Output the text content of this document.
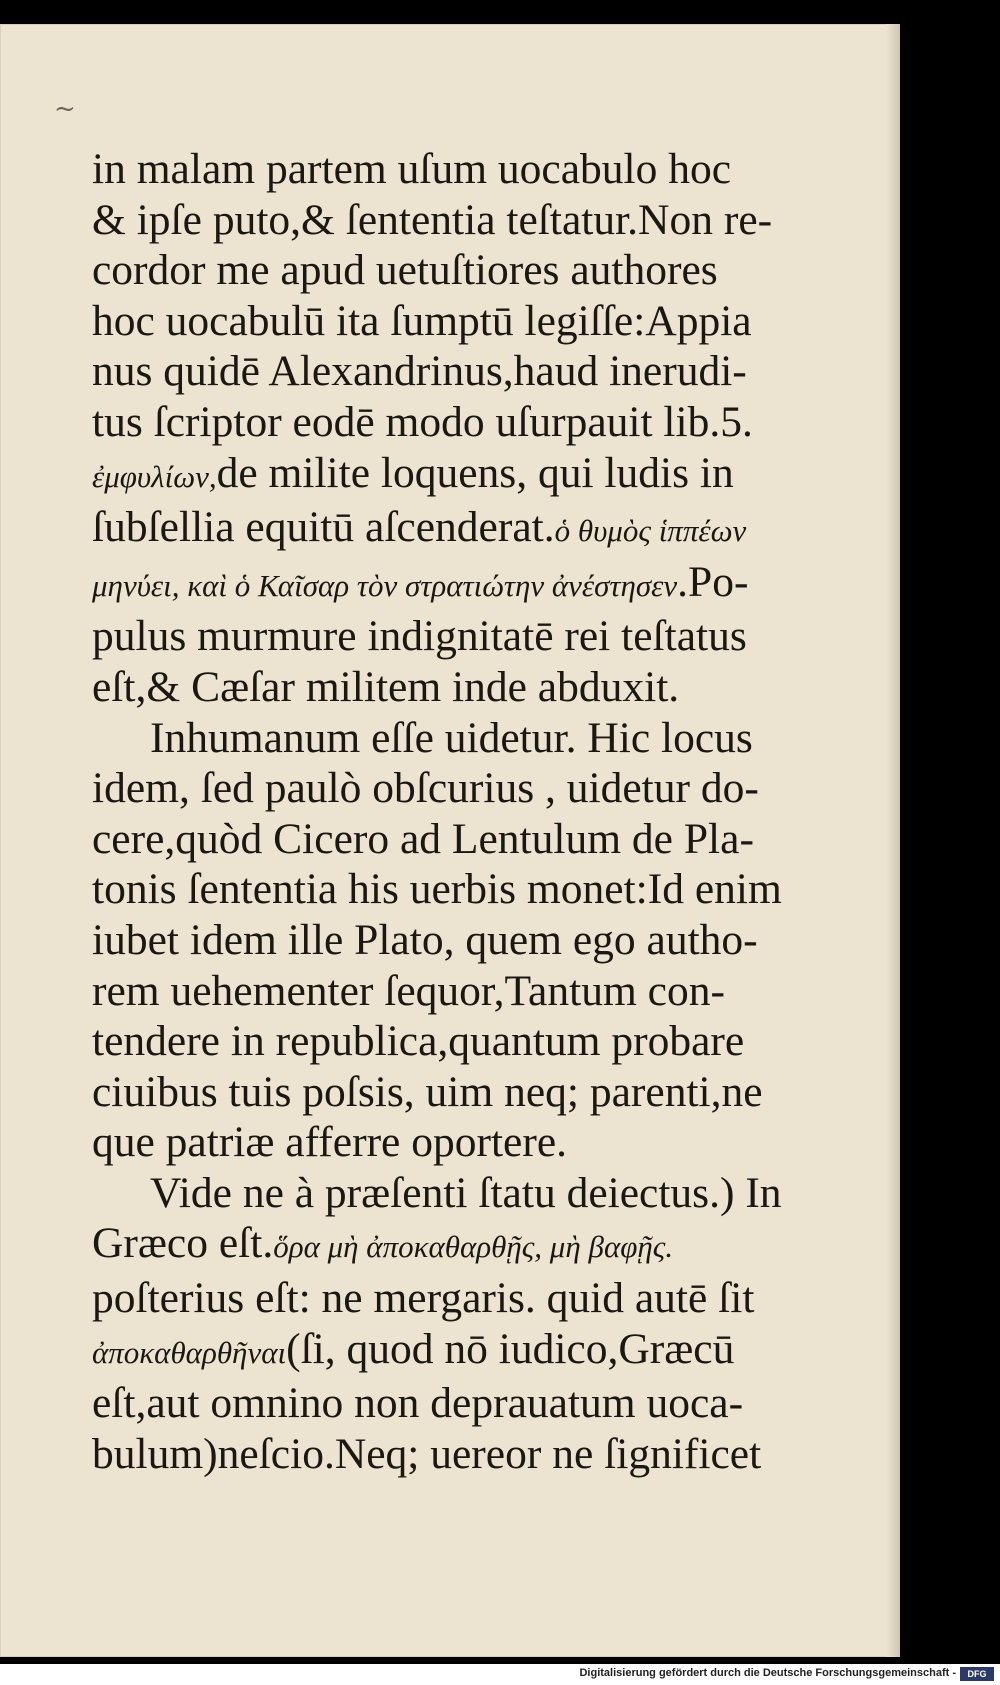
~
in malam partem uſum uocabulo hoc
& ipſe puto,& ſententia teſtatur.Non re-
cordor me apud uetuſtiores authores
hoc uocabulū ita ſumptū legiſſe:Appia
nus quidē Alexandrinus,haud inerudi-
tus ſcriptor eodē modo uſurpauit lib.5.
ἐμφυλίων,de milite loquens, qui ludis in
ſubſellia equitū aſcenderat.ὁ θυμὸς ἱππέων
μηνύει, καὶ ὁ Καῖσαρ τὸν στρατιώτην ἀνέστησεν.Po-
pulus murmure indignitatē rei teſtatus
eſt,& Cæſar militem inde abduxit.
Inhumanum eſſe uidetur. Hic locus
idem, ſed paulò obſcurius , uidetur do-
cere,quòd Cicero ad Lentulum de Pla-
tonis ſententia his uerbis monet:Id enim
iubet idem ille Plato, quem ego autho-
rem uehementer ſequor,Tantum con-
tendere in republica,quantum probare
ciuibus tuis poſsis, uim neq; parenti,ne
que patriæ afferre oportere.
Vide ne à præſenti ſtatu deiectus.) In
Græco eſt.ὅρα μὴ ἀποκαθαρθῇς, μὴ βαφῇς.
poſterius eſt: ne mergaris. quid autē ſit
ἀποκαθαρθῆναι(ſi, quod nō iudico,Græcū
eſt,aut omnino non deprauatum uoca-
bulum)neſcio.Neq; uereor ne ſignificet
Digitalisierung gefördert durch die Deutsche Forschungsgemeinschaft -	DFG
